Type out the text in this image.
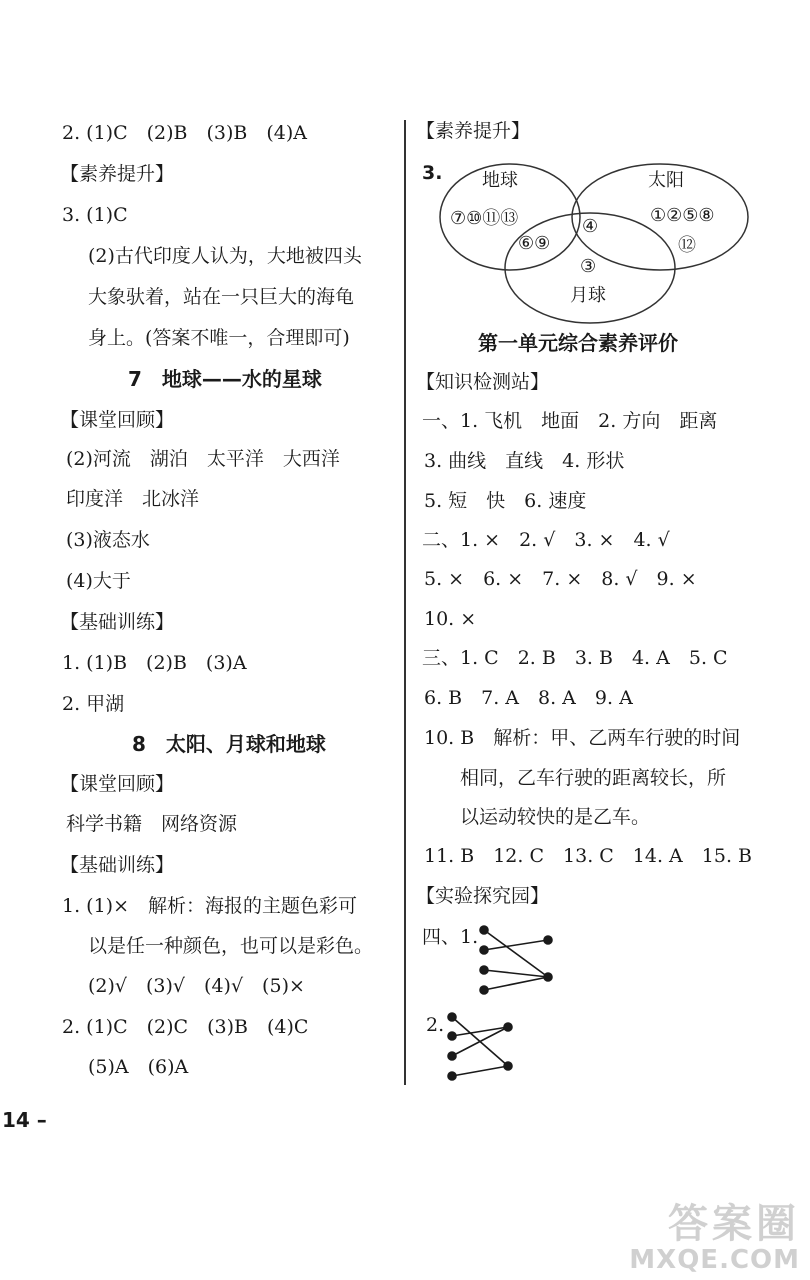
2. (1)C　(2)B　(3)B　(4)A
【素养提升】
3. (1)C
(2)古代印度人认为，大地被四头
大象驮着，站在一只巨大的海龟
身上。(答案不唯一，合理即可)
7　地球——水的星球
【课堂回顾】
(2)河流　湖泊　太平洋　大西洋
印度洋　北冰洋
(3)液态水
(4)大于
【基础训练】
1. (1)B　(2)B　(3)A
2. 甲湖
8　太阳、月球和地球
【课堂回顾】
科学书籍　网络资源
【基础训练】
1. (1)×　解析：海报的主题色彩可
以是任一种颜色，也可以是彩色。
(2)√　(3)√　(4)√　(5)×
2. (1)C　(2)C　(3)B　(4)C
(5)A　(6)A
【素养提升】
3. 地球	太阳
月球
⑦⑩⑪⑬	①②⑤⑧
④
⑥⑨	⑫
③
第一单元综合素养评价
【知识检测站】
一、1. 飞机　地面　2. 方向　距离
3. 曲线　直线　4. 形状
5. 短　快　6. 速度
二、1. ×　2. √　3. ×　4. √
5. ×　6. ×　7. ×　8. √　9. ×
10. ×
三、1. C　2. B　3. B　4. A　5. C
6. B　7. A　8. A　9. A
10. B　解析：甲、乙两车行驶的时间
相同，乙车行驶的距离较长，所
以运动较快的是乙车。
11. B　12. C　13. C　14. A　15. B
【实验探究园】
四、1.
2.
14 –
答案圈
MXQE.COM
